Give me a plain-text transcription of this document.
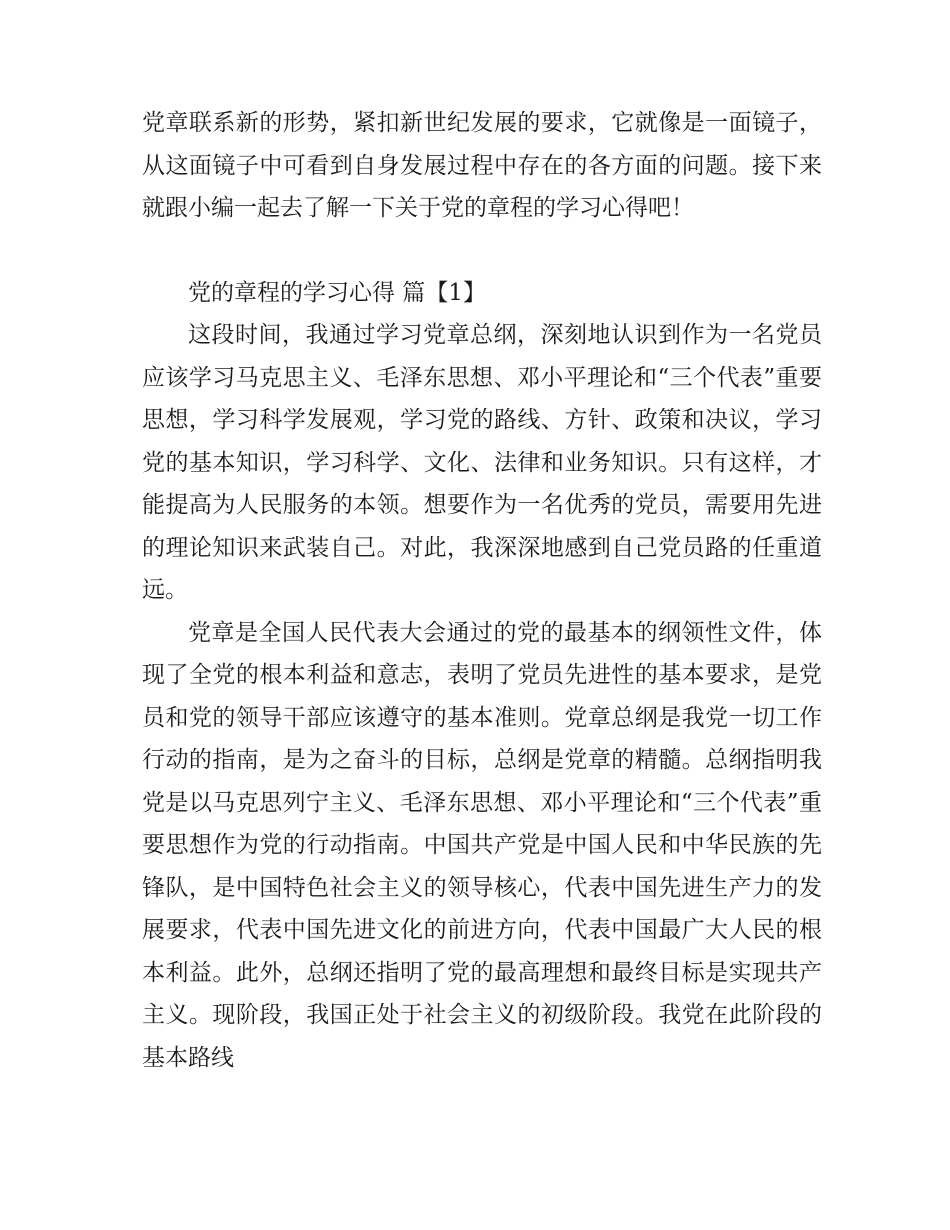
党章联系新的形势，紧扣新世纪发展的要求，它就像是一面镜子，从这面镜子中可看到自身发展过程中存在的各方面的问题。接下来就跟小编一起去了解一下关于党的章程的学习心得吧！

党的章程的学习心得 篇【1】

这段时间，我通过学习党章总纲，深刻地认识到作为一名党员应该学习马克思主义、毛泽东思想、邓小平理论和“三个代表”重要思想，学习科学发展观，学习党的路线、方针、政策和决议，学习党的基本知识，学习科学、文化、法律和业务知识。只有这样，才能提高为人民服务的本领。想要作为一名优秀的党员，需要用先进的理论知识来武装自己。对此，我深深地感到自己党员路的任重道远。

党章是全国人民代表大会通过的党的最基本的纲领性文件，体现了全党的根本利益和意志，表明了党员先进性的基本要求，是党员和党的领导干部应该遵守的基本准则。党章总纲是我党一切工作行动的指南，是为之奋斗的目标，总纲是党章的精髓。总纲指明我党是以马克思列宁主义、毛泽东思想、邓小平理论和“三个代表”重要思想作为党的行动指南。中国共产党是中国人民和中华民族的先锋队，是中国特色社会主义的领导核心，代表中国先进生产力的发展要求，代表中国先进文化的前进方向，代表中国最广大人民的根本利益。此外，总纲还指明了党的最高理想和最终目标是实现共产主义。现阶段，我国正处于社会主义的初级阶段。我党在此阶段的基本路线
